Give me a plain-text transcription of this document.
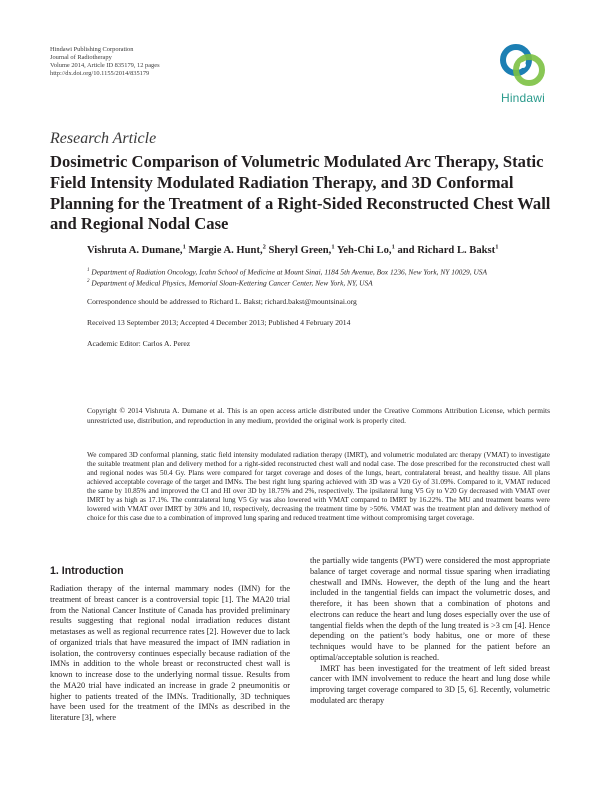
Hindawi Publishing Corporation
Journal of Radiotherapy
Volume 2014, Article ID 835179, 12 pages
http://dx.doi.org/10.1155/2014/835179
Hindawi
Research Article
Dosimetric Comparison of Volumetric Modulated Arc Therapy, Static Field Intensity Modulated Radiation Therapy, and 3D Conformal Planning for the Treatment of a Right-Sided Reconstructed Chest Wall and Regional Nodal Case
Vishruta A. Dumane,$^1$ Margie A. Hunt,$^2$ Sheryl Green,$^1$ Yeh-Chi Lo,$^1$ and Richard L. Bakst$^1$
$^1$ Department of Radiation Oncology, Icahn School of Medicine at Mount Sinai, 1184 5th Avenue, Box 1236, New York, NY 10029, USA
$^2$ Department of Medical Physics, Memorial Sloan-Kettering Cancer Center, New York, NY, USA
Correspondence should be addressed to Richard L. Bakst; richard.bakst@mountsinai.org
Received 13 September 2013; Accepted 4 December 2013; Published 4 February 2014
Academic Editor: Carlos A. Perez
Copyright © 2014 Vishruta A. Dumane et al. This is an open access article distributed under the Creative Commons Attribution License, which permits unrestricted use, distribution, and reproduction in any medium, provided the original work is properly cited.
We compared 3D conformal planning, static field intensity modulated radiation therapy (IMRT), and volumetric modulated arc therapy (VMAT) to investigate the suitable treatment plan and delivery method for a right-sided reconstructed chest wall and nodal case. The dose prescribed for the reconstructed chest wall and regional nodes was 50.4 Gy. Plans were compared for target coverage and doses of the lungs, heart, contralateral breast, and healthy tissue. All plans achieved acceptable coverage of the target and IMNs. The best right lung sparing achieved with 3D was a V20 Gy of 31.09%. Compared to it, VMAT reduced the same by 10.85% and improved the CI and HI over 3D by 18.75% and 2%, respectively. The ipsilateral lung V5 Gy to V20 Gy decreased with VMAT over IMRT by as high as 17.1%. The contralateral lung V5 Gy was also lowered with VMAT compared to IMRT by 16.22%. The MU and treatment beams were lowered with VMAT over IMRT by 30% and 10, respectively, decreasing the treatment time by >50%. VMAT was the treatment plan and delivery method of choice for this case due to a combination of improved lung sparing and reduced treatment time without compromising target coverage.
1. Introduction

Radiation therapy of the internal mammary nodes (IMN) for the treatment of breast cancer is a controversial topic [1]. The MA20 trial from the National Cancer Institute of Canada has provided preliminary results suggesting that regional nodal irradiation reduces distant metastases as well as regional recurrence rates [2]. However due to lack of organized trials that have measured the impact of IMN radiation in isolation, the controversy continues especially because radiation of the IMNs in addition to the whole breast or reconstructed chest wall is known to increase dose to the underlying normal tissue. Results from the MA20 trial have indicated an increase in grade 2 pneumonitis or higher to patients treated of the IMNs. Traditionally, 3D techniques have been used for the treatment of the IMNs as described in the literature [3], where

the partially wide tangents (PWT) were considered the most appropriate balance of target coverage and normal tissue sparing when irradiating chestwall and IMNs. However, the depth of the lung and the heart included in the tangential fields can impact the volumetric doses, and therefore, it has been shown that a combination of photons and electrons can reduce the heart and lung doses especially over the use of tangential fields when the depth of the lung treated is >3 cm [4]. Hence depending on the patient’s body habitus, one or more of these techniques would have to be planned for the patient before an optimal/acceptable solution is reached.

IMRT has been investigated for the treatment of left sided breast cancer with IMN involvement to reduce the heart and lung dose while improving target coverage compared to 3D [5, 6]. Recently, volumetric modulated arc therapy
